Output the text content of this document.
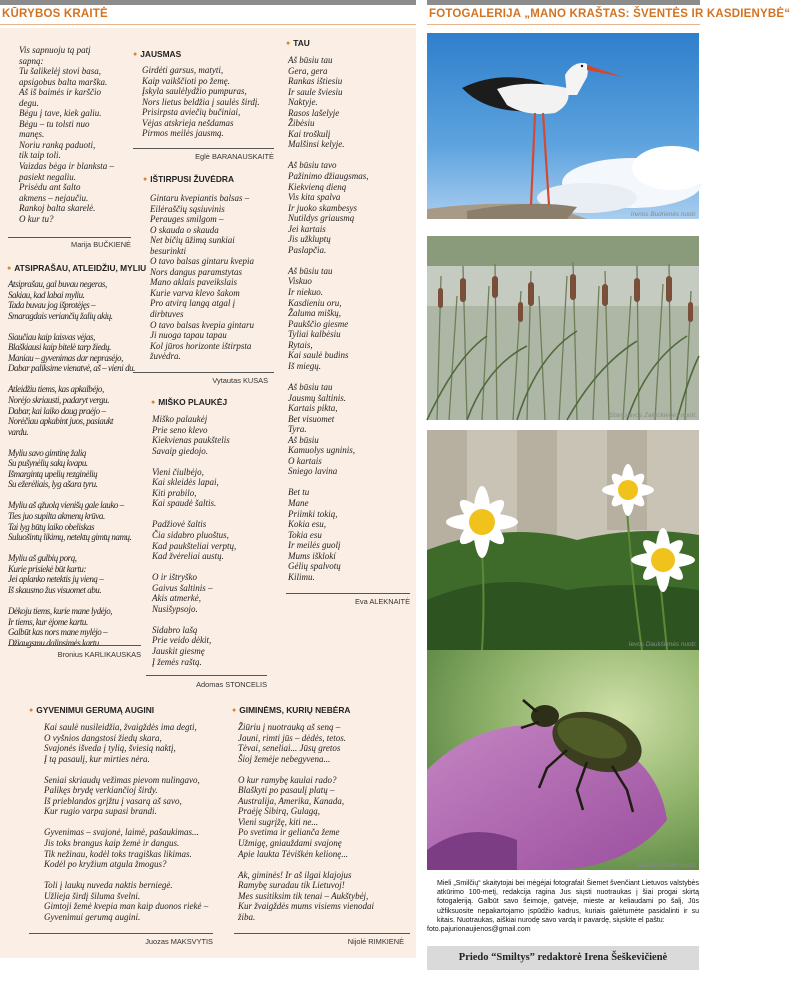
KŪRYBOS KRAITĖ	FOTOGALERIJA „MANO KRAŠTAS: ŠVENTĖS IR KASDIENYBĖ“
Vis sapnuoju tą patį
sapną:
Tu šalikelėj stovi basa,
apsigobus balta marška.
Aš iš baimės ir karščio
degu.
Bėgu į tave, kiek galiu.
Bėgu – tu tolsti nuo
manęs.
Noriu ranką paduoti,
tik taip toli.
Vaizdas bėga ir blanksta –
pasiekt negaliu.
Prisėdu ant šalto
akmens – nejaučiu.
Rankoj balta skarelė.
O kur tu?
Marija BUČKIENĖ
● ATSIPRAŠAU, ATLEIDŽIU, MYLIU
Atsiprašau, gal buvau negeras,
Sakiau, kad labai myliu.
Tada buvau jog išprotėjęs –
Smaragdais veriančių žalių akių.

Siaučiau kaip laisvas vėjas,
Blaškiausi kaip bitelė tarp žiedų.
Maniau – gyvenimas dar neprasėjo,
Dabar paliksime vienatvė, aš – vieni du.

Atleidžiu tiems, kas apkalbėjo,
Norėjo skriausti, padaryt vergu.
Dabar, kai laiko daug praėjo –
Norėčiau apkabint juos, pasiaukt vardu.

Myliu savo gimtinę žalią
Su pušynėlių sakų kvapu.
Išmargintą upelių rezginėlių
Su ežerėliais, lyg ašara tyru.

Myliu aš ąžuolą vienišų gale lauko –
Ties juo supilta akmenų krūva.
Tai lyg būtų laiko obeliskas
Suluošintų likimų, netektų gimtų namų.

Myliu aš gulbių porą,
Kurie prisiekė būt kartu:
Jei aplanko netektis jų vieną –
Iš skausmo žus visuomet abu.

Dėkoju tiems, kurie mane lydėjo,
Ir tiems, kur ėjome kartu.
Galbūt kas nors mane mylėjo –
Džiaugsmu dalinsimės kartu.
Bronius KARLIKAUSKAS
● JAUSMAS
Girdėti garsus, matyti,
Kaip vaikščioti po žemę.
Įskyla saulėlydžio pumpuras,
Nors lietus beldžia į saulės širdį.
Prisirpsta aviečių bučiniai,
Vėjas atskrieja nešdamas
Pirmos meilės jausmą.
Eglė BARANAUSKAITĖ
● IŠTIRPUSI ŽUVĖDRA
Gintaru kvepiantis balsas –
Eilėraščių sąsiuvinis
Perauges smilgom –
O skauda o skauda
Net bičių ūžimą sunkiai
besurinkti
O tavo balsas gintaru kvepia
Nors dangus paramstytas
Mano aklais paveikslais
Kurie varva klevo šakom
Pro atvirą langą atgal į
dirbtuves
O tavo balsas kvepia gintaru
Ji nuoga tapau tapau
Kol jūros horizonte ištirpsta
žuvėdra.
Vytautas KUSAS
● MIŠKO PLAUKĖJ
Miško palaukėj
Prie seno klevo
Kiekvienas paukštelis
Savaip giedojo.

Vieni čiulbėjo,
Kai skleidės lapai,
Kiti prabilo,
Kai spaudė šaltis.

Padžiovė šaltis
Čia sidabro pluoštus,
Kad paukšteliai verptų,
Kad žvėreliai austų.

O ir ištryško
Gaivus šaltinis –
Akis atmerkė,
Nusišypsojo.

Sidabro lašą
Prie veido dėkit,
Jauskit giesmę
Į žemės raštą.
Adomas STONCELIS
● TAU
Aš būsiu tau
Gera, gera
Rankas ištiesiu
Ir saule šviesiu
Naktyje.
Rasos lašelyje
Žibėsiu
Kai troškulį
Malšinsi kelyje.

Aš būsiu tavo
Pažinimo džiaugsmas,
Kiekvieną dieną
Vis kita spalva
Ir juoko skambesys
Nutildys griausmą
Jei kartais
Jis užkluptų
Paslapčia.

Aš būsiu tau
Viskuo
Ir niekuo.
Kasdieniu oru,
Žaluma miškų,
Paukščio giesme
Tyliai kalbėsiu
Rytais,
Kai saulė budins
Iš miegų.

Aš būsiu tau
Jausmų šaltinis.
Kartais pikta,
Bet visuomet
Tyra.
Aš būsiu
Kamuolys ugninis,
O kartais
Sniego lavina

Bet tu
Mane
Priimki tokią,
Kokia esu,
Tokia esu
Ir meilės guolį
Mums išklokí
Gėlių spalvotų
Kilimu.
Eva ALEKNAITĖ
● GYVENIMUI GERUMĄ AUGINI
Kai saulė nusileidžia, žvaigždės ima degti,
O vyšnios dangstosi žiedų skara,
Svajonės išveda į tylią, šviesią naktį,
Į tą pasaulį, kur mirties nėra.

Seniai skriaudų vežimas pievom nulingavo,
Palikęs brydę verkiančioj širdy.
Iš prieblandos grįžtu į vasarą aš savo,
Kur rugio varpa supasi brandi.

Gyvenimas – svajonė, laimė, pašaukimas...
Jis toks brangus kaip žemė ir dangus.
Tik nežinau, kodėl toks tragiškas likimas.
Kodėl po kryžium atgula žmogus?

Toli į laukų nuveda naktis berniegė.
Užlieja širdį šiluma švelni.
Gimtoji žemė kvepia man kaip duonos riekė –
Gyvenimui gerumą augini.
Juozas MAKSVYTIS
● GIMINĖMS, KURIŲ NEBĖRA
Žiūriu į nuotrauką aš seną –
Jauni, rimti jūs – dėdės, tetos.
Tėvai, seneliai... Jūsų gretos
Šioj žemėje nebegyvena...

O kur ramybę kaulai rado?
Blaškyti po pasaulį platų –
Australija, Amerika, Kanada,
Praėję Sibirą, Gulagą,
Vieni sugrįžę, kiti ne...
Po svetima ir gelianča žeme
Užmigę, gniauždami svajonę
Apie laukta Tėviškėn kelionę...

Ak, giminės! Ir aš ilgai klajojus
Ramybę suradau tik Lietuvoj!
Mes susitiksim tik tenai – Aukštybėj,
Kur žvaigždės mums visiems vienodai
žiba.
Nijolė RIMKIENĖ
Irenos Budrienės nuotr.
Stanislavos Zaklickienės nuotr.
Ievos Daukšienės nuotr.
Vaidoto Kisielio nuotr.
Mieli „Smilčių“ skaitytojai bei mėgėjai fotografai! Šiemet švenčiant Lietuvos valstybės atkūrimo 100-metį, redakcija ragina Jus siųsti nuotraukas į šiai progai skirtą fotogaleriją. Galbūt savo šeimoje, gatvėje, mieste ar keliaudami po šalį, Jūs užfiksuosite nepakartojamo įspūdžio kadrus, kuriais galėtumėte pasidalinti ir su kitais. Nuotraukas, aiškiai nurodę savo vardą ir pavardę, siųskite el paštu:
foto.pajurionaujienos@gmail.com
Priedo “Smiltys” redaktorė Irena Šeškevičienė
